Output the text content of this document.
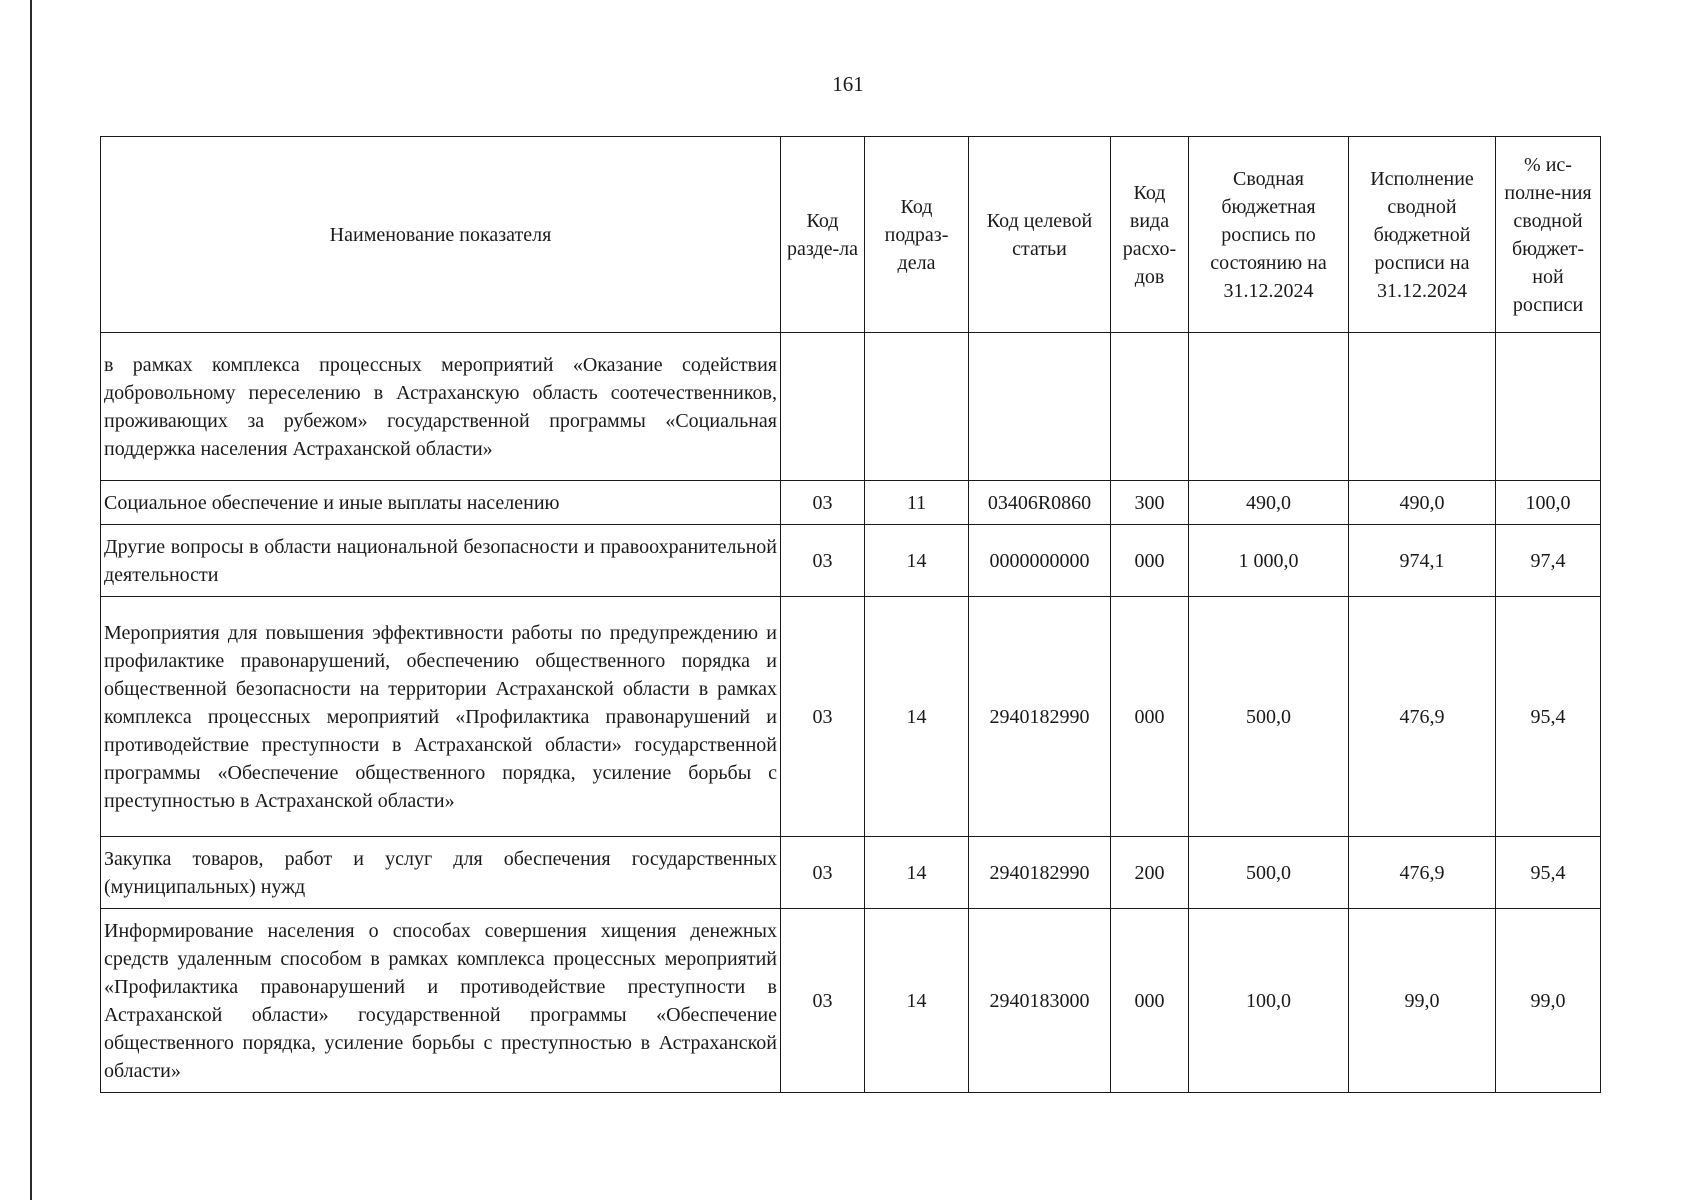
161
Наименование показателя	Код разде-ла	Код подраз-дела	Код целевой статьи	Код вида расхо-дов	Сводная бюджетная роспись по состоянию на 31.12.2024	Исполнение сводной бюджетной росписи на 31.12.2024	% ис-полне-ния сводной бюджет-ной росписи
в рамках комплекса процессных мероприятий «Оказание содействия добровольному переселению в Астраханскую область соотечественников, проживающих за рубежом» государственной программы «Социальная поддержка населения Астраханской области»							
Социальное обеспечение и иные выплаты населению	03	11	03406R0860	300	490,0	490,0	100,0
Другие вопросы в области национальной безопасности и правоохранительной деятельности	03	14	0000000000	000	1 000,0	974,1	97,4
Мероприятия для повышения эффективности работы по предупреждению и профилактике правонарушений, обеспечению общественного порядка и общественной безопасности на территории Астраханской области в рамках комплекса процессных мероприятий «Профилактика правонарушений и противодействие преступности в Астраханской области» государственной программы «Обеспечение общественного порядка, усиление борьбы с преступностью в Астраханской области»	03	14	2940182990	000	500,0	476,9	95,4
Закупка товаров, работ и услуг для обеспечения государственных (муниципальных) нужд	03	14	2940182990	200	500,0	476,9	95,4
Информирование населения о способах совершения хищения денежных средств удаленным способом в рамках комплекса процессных мероприятий «Профилактика правонарушений и противодействие преступности в Астраханской области» государственной программы «Обеспечение общественного порядка, усиление борьбы с преступностью в Астраханской области»	03	14	2940183000	000	100,0	99,0	99,0
